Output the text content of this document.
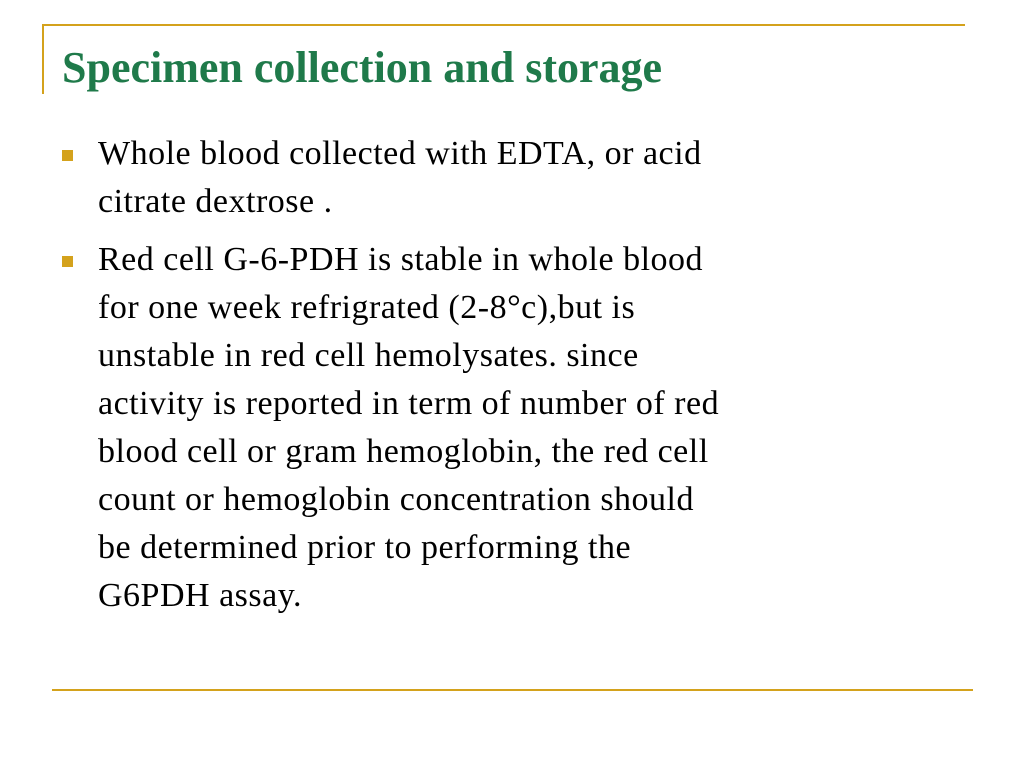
Specimen collection and storage
Whole blood collected with EDTA, or acid
citrate dextrose .
Red cell G-6-PDH is stable in whole blood
for one week refrigrated (2-8°c),but is
unstable in red cell hemolysates. since
activity is reported in term of number of red
blood cell or gram hemoglobin, the red cell
count or hemoglobin concentration should
be determined prior to performing the
G6PDH assay.
